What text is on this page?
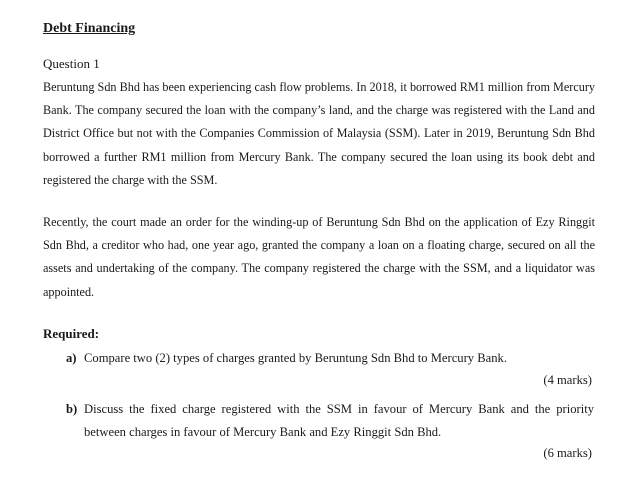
Debt Financing

Question 1

Beruntung Sdn Bhd has been experiencing cash flow problems. In 2018, it borrowed RM1 million from Mercury Bank. The company secured the loan with the company’s land, and the charge was registered with the Land and District Office but not with the Companies Commission of Malaysia (SSM). Later in 2019, Beruntung Sdn Bhd borrowed a further RM1 million from Mercury Bank. The company secured the loan using its book debt and registered the charge with the SSM.

Recently, the court made an order for the winding-up of Beruntung Sdn Bhd on the application of Ezy Ringgit Sdn Bhd, a creditor who had, one year ago, granted the company a loan on a floating charge, secured on all the assets and undertaking of the company. The company registered the charge with the SSM, and a liquidator was appointed.

Required:

a) Compare two (2) types of charges granted by Beruntung Sdn Bhd to Mercury Bank.

(4 marks)

b) Discuss the fixed charge registered with the SSM in favour of Mercury Bank and the priority between charges in favour of Mercury Bank and Ezy Ringgit Sdn Bhd.

(6 marks)
